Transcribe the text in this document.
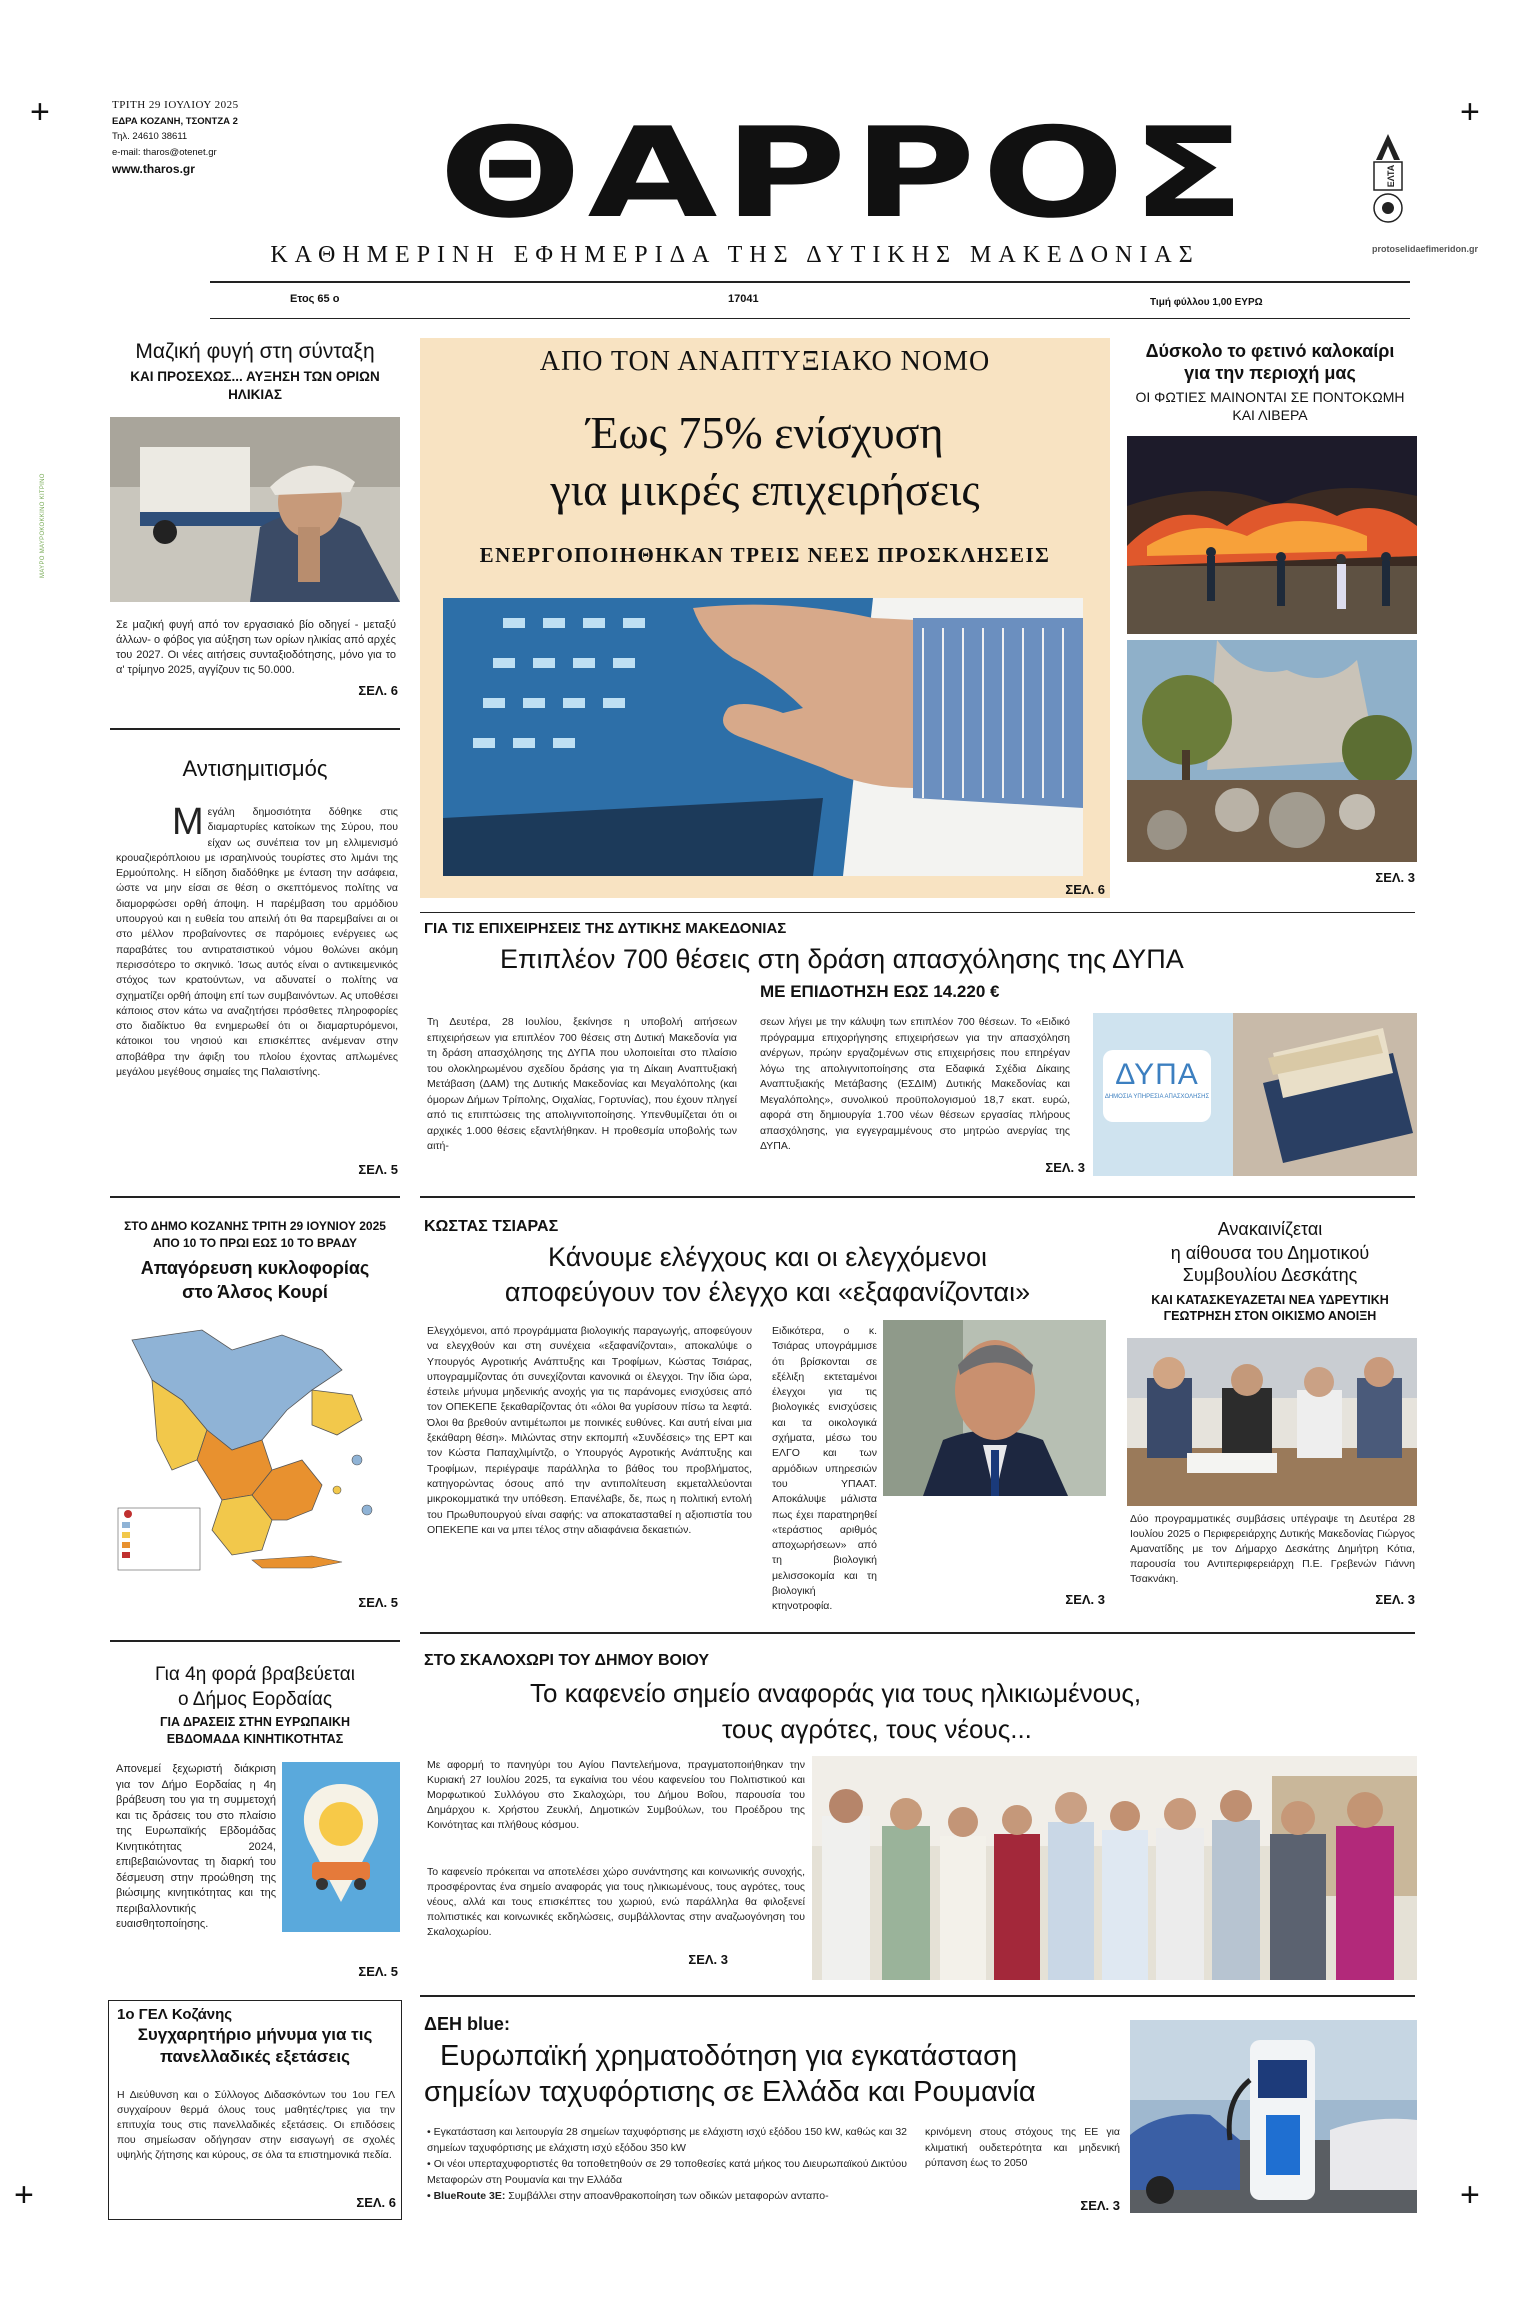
+	+
+	+
ΜΑΥΡΟ ΜΑΥΡΟΚΟΚΚΙΝΟ ΚΙΤΡΙΝΟ
ΤΡΙΤΗ 29 ΙΟΥΛΙΟΥ 2025
ΕΔΡΑ ΚΟΖΑΝΗ, ΤΣΟΝΤΖΑ 2
Τηλ. 24610 38611
e-mail: tharos@otenet.gr
www.tharos.gr ΘΑΡΡΟΣ	ΕΛΤΑ
protoselidaefimeridon.gr
ΚΑΘΗΜΕΡΙΝΗ ΕΦΗΜΕΡΙΔΑ ΤΗΣ ΔΥΤΙΚΗΣ ΜΑΚΕΔΟΝΙΑΣ
Ετος 65 ο	17041	Τιμή φύλλου 1,00 ΕΥΡΩ
Μαζική φυγή στη σύνταξη
ΚΑΙ ΠΡΟΣΕΧΩΣ... ΑΥΞΗΣΗ ΤΩΝ ΟΡΙΩΝ ΗΛΙΚΙΑΣ
Σε μαζική φυγή από τον εργασιακό βίο οδηγεί - μεταξύ άλλων- ο φόβος για αύξηση των ορίων ηλικίας από αρχές του 2027. Οι νέες αιτήσεις συνταξιοδότησης, μόνο για το α' τρίμηνο 2025, αγγίζουν τις 50.000.
ΣΕΛ. 6
Αντισημιτισμός
Μ εγάλη δημοσιότητα δόθηκε στις διαμαρτυρίες κατοίκων της Σύρου, που είχαν ως συνέπεια τον μη ελλιμενισμό κρουαζιερόπλοιου με ισραηλινούς τουρίστες στο λιμάνι της Ερμούπολης. Η είδηση διαδόθηκε με ένταση την ασάφεια, ώστε να μην είσαι σε θέση ο σκεπτόμενος πολίτης να διαμορφώσει ορθή άποψη. Η παρέμβαση του αρμόδιου υπουργού και η ευθεία του απειλή ότι θα παρεμβαίνει αι οι στο μέλλον προβαίνοντες σε παρόμοιες ενέργειες ως παραβάτες του αντιρατσιστικού νόμου θολώνει ακόμη περισσότερο το σκηνικό. Ίσως αυτός είναι ο αντικειμενικός στόχος των κρατούντων, να αδυνατεί ο πολίτης να σχηματίζει ορθή άποψη επί των συμβαινόντων. Ας υποθέσει κάποιος στον κάτω να αναζητήσει πρόσθετες πληροφορίες στο διαδίκτυο θα ενημερωθεί ότι οι διαμαρτυρόμενοι, κάτοικοι του νησιού και επισκέπτες ανέμεναν στην αποβάθρα την άφιξη του πλοίου έχοντας απλωμένες μεγάλου μεγέθους σημαίες της Παλαιστίνης.
ΣΕΛ. 5
ΣΤΟ ΔΗΜΟ ΚΟΖΑΝΗΣ ΤΡΙΤΗ 29 ΙΟΥΝΙΟΥ 2025 ΑΠΟ 10 ΤΟ ΠΡΩΙ ΕΩΣ 10 ΤΟ ΒΡΑΔΥ
Απαγόρευση κυκλοφορίας στο Άλσος Κουρί
ΣΕΛ. 5
Για 4η φορά βραβεύεται
ο Δήμος Εορδαίας
ΓΙΑ ΔΡΑΣΕΙΣ ΣΤΗΝ ΕΥΡΩΠΑΙΚΗ ΕΒΔΟΜΑΔΑ ΚΙΝΗΤΙΚΟΤΗΤΑΣ
Απονεμεί ξεχωριστή διάκριση για τον Δήμο Εορδαίας η 4η βράβευση του για τη συμμετοχή και τις δράσεις του στο πλαίσιο της Ευρωπαϊκής Εβδομάδας Κινητικότητας 2024, επιβεβαιώνοντας τη διαρκή του δέσμευση στην προώθηση της βιώσιμης κινητικότητας και της περιβαλλοντικής ευαισθητοποίησης.
ΣΕΛ. 5
1ο ΓΕΛ Κοζάνης
Συγχαρητήριο μήνυμα για τις πανελλαδικές εξετάσεις
Η Διεύθυνση και ο Σύλλογος Διδασκόντων του 1ου ΓΕΛ συγχαίρουν θερμά όλους τους μαθητές/τριες για την επιτυχία τους στις πανελλαδικές εξετάσεις. Οι επιδόσεις που σημείωσαν οδήγησαν στην εισαγωγή σε σχολές υψηλής ζήτησης και κύρους, σε όλα τα επιστημονικά πεδία.
ΣΕΛ. 6
ΑΠΟ ΤΟΝ ΑΝΑΠΤΥΞΙΑΚΟ ΝΟΜΟ
Έως 75% ενίσχυση
για μικρές επιχειρήσεις
ΕΝΕΡΓΟΠΟΙΗΘΗΚΑΝ ΤΡΕΙΣ ΝΕΕΣ ΠΡΟΣΚΛΗΣΕΙΣ
ΣΕΛ. 6
Δύσκολο το φετινό καλοκαίρι
για την περιοχή μας
ΟΙ ΦΩΤΙΕΣ ΜΑΙΝΟΝΤΑΙ ΣΕ ΠΟΝΤΟΚΩΜΗ ΚΑΙ ΛΙΒΕΡΑ
ΣΕΛ. 3
ΓΙΑ ΤΙΣ ΕΠΙΧΕΙΡΗΣΕΙΣ ΤΗΣ ΔΥΤΙΚΗΣ ΜΑΚΕΔΟΝΙΑΣ
Επιπλέον 700 θέσεις στη δράση απασχόλησης της ΔΥΠΑ
ΜΕ ΕΠΙΔΟΤΗΣΗ ΕΩΣ 14.220 €
Τη Δευτέρα, 28 Ιουλίου, ξεκίνησε η υποβολή αιτήσεων επιχειρήσεων για επιπλέον 700 θέσεις στη Δυτική Μακεδονία για τη δράση απασχόλησης της ΔΥΠΑ που υλοποιείται στο πλαίσιο του ολοκληρωμένου σχεδίου δράσης για τη Δίκαιη Αναπτυξιακή Μετάβαση (ΔΑΜ) της Δυτικής Μακεδονίας και Μεγαλόπολης (και όμορων Δήμων Τρίπολης, Οιχαλίας, Γορτυνίας), που έχουν πληγεί από τις επιπτώσεις της απολιγνιτοποίησης. Υπενθυμίζεται ότι οι αρχικές 1.000 θέσεις εξαντλήθηκαν. Η προθεσμία υποβολής των αιτή-
σεων λήγει με την κάλυψη των επιπλέον 700 θέσεων. Το «Ειδικό πρόγραμμα επιχορήγησης επιχειρήσεων για την απασχόληση ανέργων, πρώην εργαζομένων στις επιχειρήσεις που επηρέγαν λόγω της απολιγνιτοποίησης στα Εδαφικά Σχέδια Δίκαιης Αναπτυξιακής Μετάβασης (ΕΣΔΙΜ) Δυτικής Μακεδονίας και Μεγαλόπολης», συνολικού προϋπολογισμού 18,7 εκατ. ευρώ, αφορά στη δημιουργία 1.700 νέων θέσεων εργασίας πλήρους απασχόλησης, για εγγεγραμμένους στο μητρώο ανεργίας της ΔΥΠΑ.
ΔΥΠΑ
ΔΗΜΟΣΙΑ ΥΠΗΡΕΣΙΑ ΑΠΑΣΧΟΛΗΣΗΣ
ΣΕΛ. 3
ΚΩΣΤΑΣ ΤΣΙΑΡΑΣ
Κάνουμε ελέγχους και οι ελεγχόμενοι
αποφεύγουν τον έλεγχο και «εξαφανίζονται»
Ελεγχόμενοι, από προγράμματα βιολογικής παραγωγής, αποφεύγουν να ελεγχθούν και στη συνέχεια «εξαφανίζονται», αποκαλύψε ο Υπουργός Αγροτικής Ανάπτυξης και Τροφίμων, Κώστας Τσιάρας, υπογραμμίζοντας ότι συνεχίζονται κανονικά οι έλεγχοι. Την ίδια ώρα, έστειλε μήνυμα μηδενικής ανοχής για τις παράνομες ενισχύσεις από τον ΟΠΕΚΕΠΕ ξεκαθαρίζοντας ότι «όλοι θα γυρίσουν πίσω τα λεφτά. Όλοι θα βρεθούν αντιμέτωποι με ποινικές ευθύνες. Και αυτή είναι μια ξεκάθαρη θέση». Μιλώντας στην εκπομπή «Συνδέσεις» της ΕΡΤ και τον Κώστα Παπαχλιμίντζο, ο Υπουργός Αγροτικής Ανάπτυξης και Τροφίμων, περιέγραψε παράλληλα το βάθος του προβλήματος, κατηγορώντας όσους από την αντιπολίτευση εκμεταλλεύονται μικροκομματικά την υπόθεση. Επανέλαβε, δε, πως η πολιτική εντολή του Πρωθυπουργού είναι σαφής: να αποκατασταθεί η αξιοπιστία του ΟΠΕΚΕΠΕ και να μπει τέλος στην αδιαφάνεια δεκαετιών.
Ειδικότερα, ο κ. Τσιάρας υπογράμμισε ότι βρίσκονται σε εξέλιξη εκτεταμένοι έλεγχοι για τις βιολογικές ενισχύσεις και τα οικολογικά σχήματα, μέσω του ΕΛΓΟ και των αρμόδιων υπηρεσιών του ΥΠΑΑΤ. Αποκάλυψε μάλιστα πως έχει παρατηρηθεί «τεράστιος αριθμός αποχωρήσεων» από τη βιολογική μελισσοκομία και τη βιολογική κτηνοτροφία.	ΣΕΛ. 3
Ανακαινίζεται
η αίθουσα του Δημοτικού Συμβουλίου Δεσκάτης
ΚΑΙ ΚΑΤΑΣΚΕΥΑΖΕΤΑΙ ΝΕΑ ΥΔΡΕΥΤΙΚΗ ΓΕΩΤΡΗΣΗ ΣΤΟΝ ΟΙΚΙΣΜΟ ΑΝΟΙΞΗ
Δύο προγραμματικές συμβάσεις υπέγραψε τη Δευτέρα 28 Ιουλίου 2025 ο Περιφερειάρχης Δυτικής Μακεδονίας Γιώργος Αμανατίδης με τον Δήμαρχο Δεσκάτης Δημήτρη Κότια, παρουσία του Αντιπεριφερειάρχη Π.Ε. Γρεβενών Γιάννη Τσακνάκη.
ΣΕΛ. 3
ΣΤΟ ΣΚΑΛΟΧΩΡΙ ΤΟΥ ΔΗΜΟΥ ΒΟΙΟΥ
Το καφενείο σημείο αναφοράς για τους ηλικιωμένους,
τους αγρότες, τους νέους...
Με αφορμή το πανηγύρι του Αγίου Παντελεήμονα, πραγματοποιήθηκαν την Κυριακή 27 Ιουλίου 2025, τα εγκαίνια του νέου καφενείου του Πολιτιστικού και Μορφωτικού Συλλόγου στο Σκαλοχώρι, του Δήμου Βοΐου, παρουσία του Δημάρχου κ. Χρήστου Ζευκλή, Δημοτικών Συμβούλων, του Προέδρου της Κοινότητας και πλήθους κόσμου.
Το καφενείο πρόκειται να αποτελέσει χώρο συνάντησης και κοινωνικής συνοχής, προσφέροντας ένα σημείο αναφοράς για τους ηλικιωμένους, τους αγρότες, τους νέους, αλλά και τους επισκέπτες του χωριού, ενώ παράλληλα θα φιλοξενεί πολιτιστικές και κοινωνικές εκδηλώσεις, συμβάλλοντας στην αναζωογόνηση του Σκαλοχωρίου.
ΣΕΛ. 3
ΔΕΗ blue:
Ευρωπαϊκή χρηματοδότηση για εγκατάσταση
σημείων ταχυφόρτισης σε Ελλάδα και Ρουμανία
• Εγκατάσταση και λειτουργία 28 σημείων ταχυφόρτισης με ελάχιστη ισχύ εξόδου 150 kW, καθώς και 32 σημείων ταχυφόρτισης με ελάχιστη ισχύ εξόδου 350 kW
• Οι νέοι υπερταχυφορτιστές θα τοποθετηθούν σε 29 τοποθεσίες κατά μήκος του Διευρωπαϊκού Δικτύου Μεταφορών στη Ρουμανία και την Ελλάδα
• BlueRoute 3E: Συμβάλλει στην αποανθρακοποίηση των οδικών μεταφορών ανταπο-
κρινόμενη στους στόχους της ΕΕ για κλιματική ουδετερότητα και μηδενική ρύπανση έως το 2050
ΣΕΛ. 3
